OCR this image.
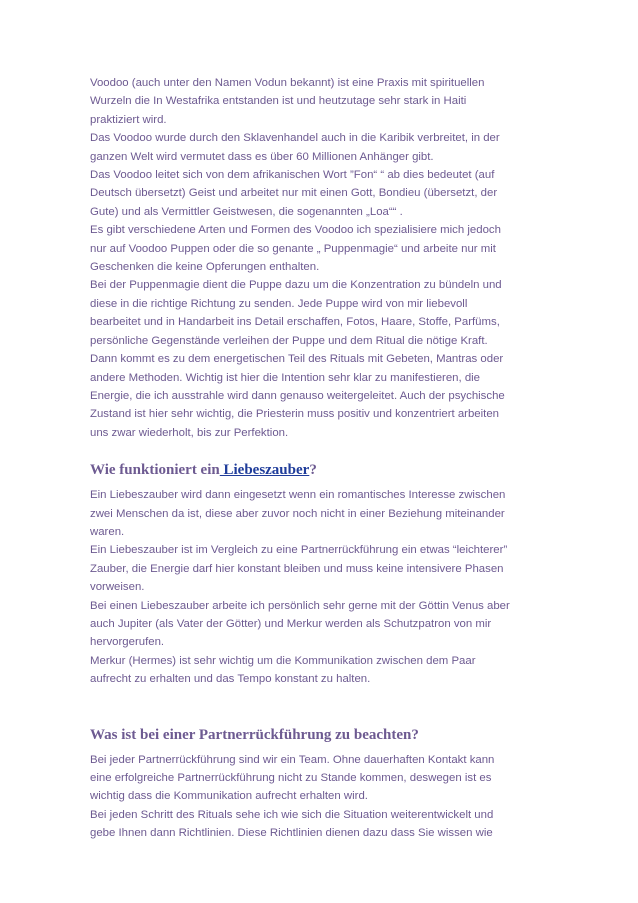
Voodoo (auch unter den Namen Vodun bekannt) ist eine Praxis mit spirituellen
Wurzeln die In Westafrika entstanden ist und heutzutage sehr stark in Haiti
praktiziert wird.
Das Voodoo wurde durch den Sklavenhandel auch in die Karibik verbreitet, in der
ganzen Welt wird vermutet dass es über 60 Millionen Anhänger gibt.
Das Voodoo leitet sich von dem afrikanischen Wort ”Fon“ “ ab dies bedeutet (auf
Deutsch übersetzt) Geist und arbeitet nur mit einen Gott, Bondieu (übersetzt, der
Gute) und als Vermittler Geistwesen, die sogenannten „Loa““ .
Es gibt verschiedene Arten und Formen des Voodoo ich spezialisiere mich jedoch
nur auf Voodoo Puppen oder die so genante „ Puppenmagie“ und arbeite nur mit
Geschenken die keine Opferungen enthalten.
Bei der Puppenmagie dient die Puppe dazu um die Konzentration zu bündeln und
diese in die richtige Richtung zu senden. Jede Puppe wird von mir liebevoll
bearbeitet und in Handarbeit ins Detail erschaffen, Fotos, Haare, Stoffe, Parfüms,
persönliche Gegenstände verleihen der Puppe und dem Ritual die nötige Kraft.
Dann kommt es zu dem energetischen Teil des Rituals mit Gebeten, Mantras oder
andere Methoden. Wichtig ist hier die Intention sehr klar zu manifestieren, die
Energie, die ich ausstrahle wird dann genauso weitergeleitet. Auch der psychische
Zustand ist hier sehr wichtig, die Priesterin muss positiv und konzentriert arbeiten
uns zwar wiederholt, bis zur Perfektion.

Wie funktioniert ein Liebeszauber?

Ein Liebeszauber wird dann eingesetzt wenn ein romantisches Interesse zwischen
zwei Menschen da ist, diese aber zuvor noch nicht in einer Beziehung miteinander
waren.
Ein Liebeszauber ist im Vergleich zu eine Partnerrückführung ein etwas “leichterer”
Zauber, die Energie darf hier konstant bleiben und muss keine intensivere Phasen
vorweisen.
Bei einen Liebeszauber arbeite ich persönlich sehr gerne mit der Göttin Venus aber
auch Jupiter (als Vater der Götter) und Merkur werden als Schutzpatron von mir
hervorgerufen.
Merkur (Hermes) ist sehr wichtig um die Kommunikation zwischen dem Paar
aufrecht zu erhalten und das Tempo konstant zu halten.

Was ist bei einer Partnerrückführung zu beachten?

Bei jeder Partnerrückführung sind wir ein Team. Ohne dauerhaften Kontakt kann
eine erfolgreiche Partnerrückführung nicht zu Stande kommen, deswegen ist es
wichtig dass die Kommunikation aufrecht erhalten wird.
Bei jeden Schritt des Rituals sehe ich wie sich die Situation weiterentwickelt und
gebe Ihnen dann Richtlinien. Diese Richtlinien dienen dazu dass Sie wissen wie
